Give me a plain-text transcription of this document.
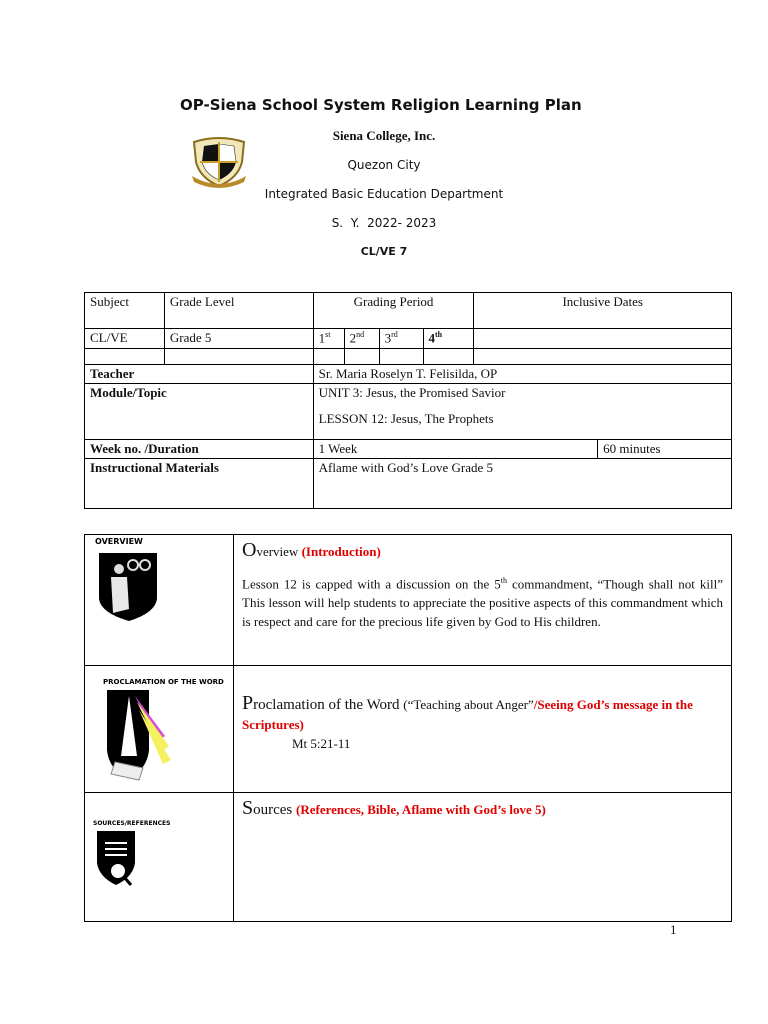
OP-Siena School System Religion Learning Plan
Siena College, Inc.
Quezon City
Integrated Basic Education Department
S.  Y.  2022- 2023
CL/VE 7
Subject	Grade Level	Grading Period				Inclusive Dates	
CL/VE	Grade 5	1st	2nd	3rd	4th	

Teacher		Sr. Maria Roselyn T. Felisilda, OP					
Module/Topic		UNIT 3: Jesus, the Promised Savior
LESSON 12: Jesus, The Prophets					

Week no. /Duration		1 Week					60 minutes
Instructional Materials		Aflame with God’s Love Grade 5					
OVERVIEW	Overview (Introduction)
Lesson 12 is capped with a discussion on the 5th commandment, “Though shall not kill” This lesson will help students to appreciate the positive aspects of this commandment which is respect and care for the precious life given by God to His children.

PROCLAMATION OF THE WORD	Proclamation of the Word (“Teaching about Anger”/Seeing God’s message in the Scriptures)
Mt 5:21-11

SOURCES/REFERENCES	Sources (References, Bible, Aflame with God’s love 5)
1
